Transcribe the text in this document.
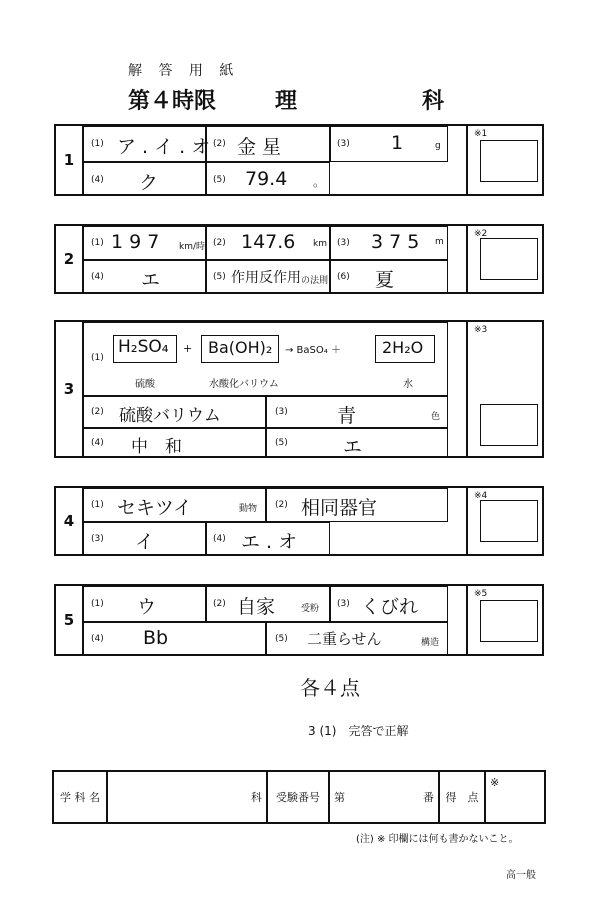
解 答 用 紙
第４時限	理	科
1
(1) ア . イ . オ (2) 金 星	(3) 1	g
(4) ク	(5) 79.4 。
※1
2
(1) 1 9 7 km/時 (2) 147.6 km (3) 3 7 5 m
(4) エ	(5) 作用反作用 の法則 (6) 夏
※2
3
(1)
H₂SO₄ + Ba(OH)₂ → BaSO₄ ＋	2H₂O
硫酸	水酸化バリウム	水
(2) 硫酸バリウム	(3)	青	色
(4) 中　和	(5)	エ
※3
4
(1) セキツイ	動物 (2) 相同器官
(3) イ	(4) エ . オ
※4
5
(1) ウ	(2) 自家	受粉 (3) くびれ
(4) Bb	(5) 二重らせん	構造
※5
各４点
3 (1)　完答で正解
学 科 名	科	受験番号	第	番	得　点	※
(注) ※ 印欄には何も書かないこと。
高一般
